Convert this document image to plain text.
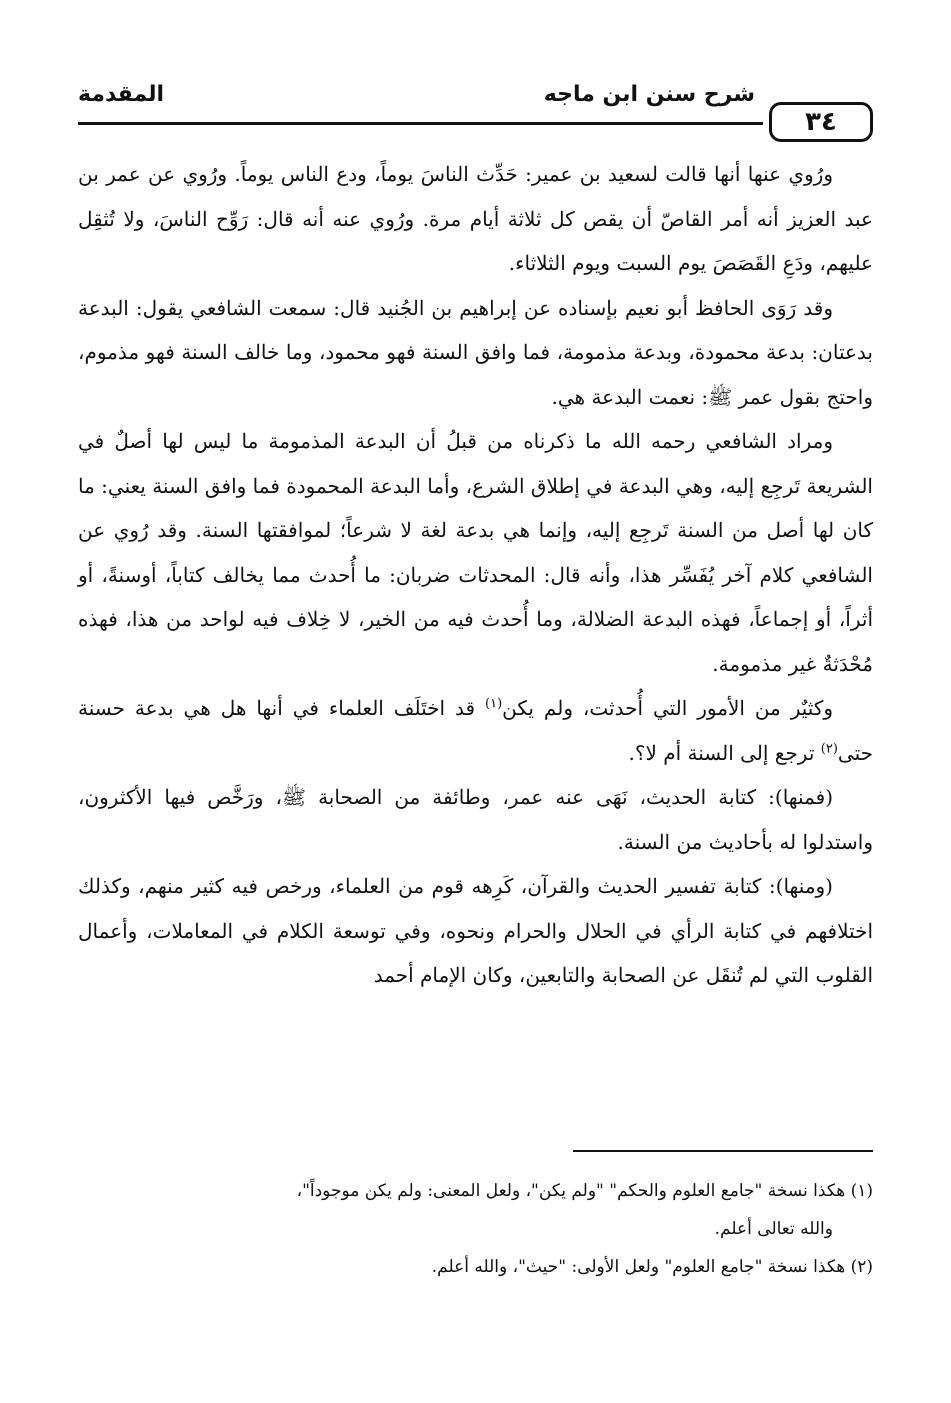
٣٤
شرح سنن ابن ماجه
المقدمة

ورُوي عنها أنها قالت لسعيد بن عمير: حَدِّث الناسَ يوماً، ودع الناس يوماً. ورُوي عن عمر بن عبد العزيز أنه أمر القاصّ أن يقص كل ثلاثة أيام مرة. ورُوي عنه أنه قال: رَوِّح الناسَ، ولا تُثقِل عليهم، ودَعِ القَصَصَ يوم السبت ويوم الثلاثاء.

وقد رَوَى الحافظ أبو نعيم بإسناده عن إبراهيم بن الجُنيد قال: سمعت الشافعي يقول: البدعة بدعتان: بدعة محمودة، وبدعة مذمومة، فما وافق السنة فهو محمود، وما خالف السنة فهو مذموم، واحتج بقول عمر ﷺ: نعمت البدعة هي.

ومراد الشافعي رحمه الله ما ذكرناه من قبلُ أن البدعة المذمومة ما ليس لها أصلٌ في الشريعة تَرجِع إليه، وهي البدعة في إطلاق الشرع، وأما البدعة المحمودة فما وافق السنة يعني: ما كان لها أصل من السنة تَرجِع إليه، وإنما هي بدعة لغة لا شرعاً؛ لموافقتها السنة. وقد رُوي عن الشافعي كلام آخر يُفَسِّر هذا، وأنه قال: المحدثات ضربان: ما أُحدث مما يخالف كتاباً، أوسنةً، أو أثراً، أو إجماعاً، فهذه البدعة الضلالة، وما أُحدث فيه من الخير، لا خِلاف فيه لواحد من هذا، فهذه مُحْدَثةٌ غير مذمومة.

وكثيٌر من الأمور التي أُحدثت، ولم يكن$^{(١)}$ قد اختَلَف العلماء في أنها هل هي بدعة حسنة حتى$^{(٢)}$ ترجع إلى السنة أم لا؟.

(فمنها): كتابة الحديث، نَهَى عنه عمر، وطائفة من الصحابة ﷺ، ورَخَّص فيها الأكثرون، واستدلوا له بأحاديث من السنة.

(ومنها): كتابة تفسير الحديث والقرآن، كَرِهه قوم من العلماء، ورخص فيه كثير منهم، وكذلك اختلافهم في كتابة الرأي في الحلال والحرام ونحوه، وفي توسعة الكلام في المعاملات، وأعمال القلوب التي لم تُنقَل عن الصحابة والتابعين، وكان الإمام أحمد

(١) هكذا نسخة "جامع العلوم والحكم" "ولم يكن"، ولعل المعنى: ولم يكن موجوداً"،

والله تعالى أعلم.

(٢) هكذا نسخة "جامع العلوم" ولعل الأولى: "حيث"، والله أعلم.
